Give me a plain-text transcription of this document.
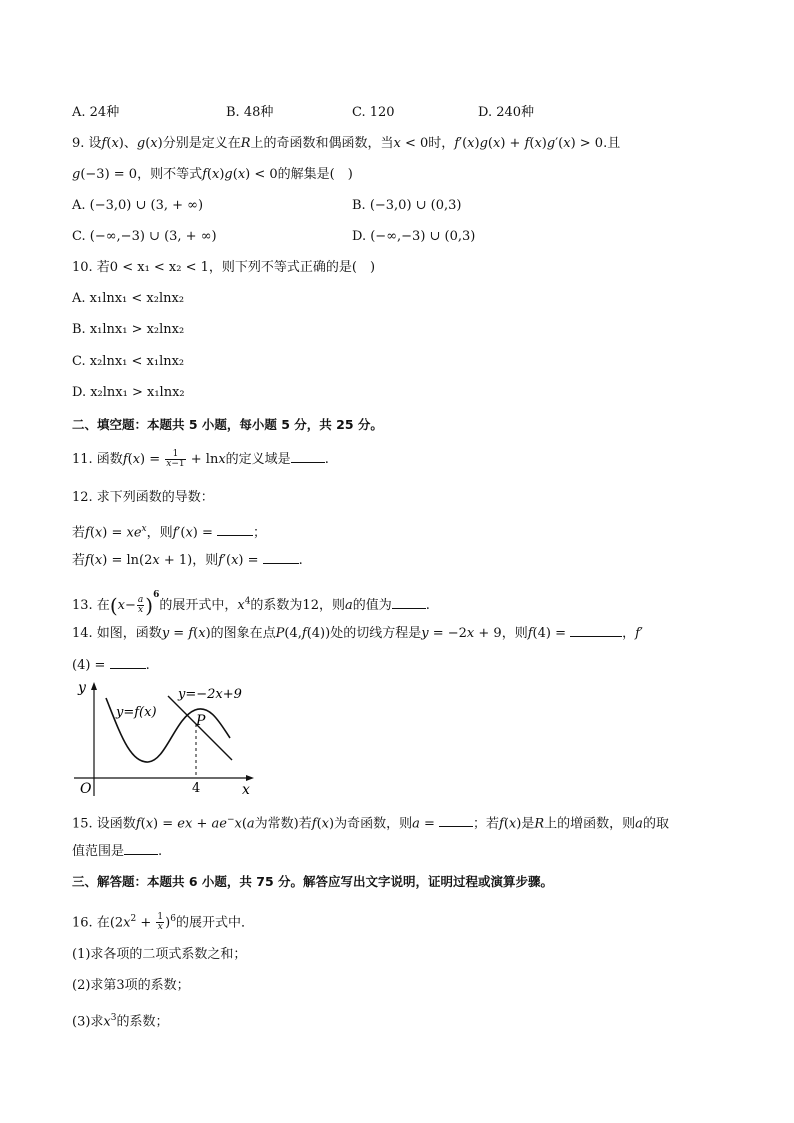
A. 24种	B. 48种	C. 120	D. 240种
9. 设f(x)、g(x)分别是定义在R上的奇函数和偶函数，当x < 0时，f′(x)g(x) + f(x)g′(x) > 0.且
g(−3) = 0，则不等式f(x)g(x) < 0的解集是(　)
A. (−3,0) ∪ (3, + ∞)	B. (−3,0) ∪ (0,3)
C. (−∞,−3) ∪ (3, + ∞)	D. (−∞,−3) ∪ (0,3)
10. 若0 < x₁ < x₂ < 1，则下列不等式正确的是(　)
A. x₁lnx₁ < x₂lnx₂
B. x₁lnx₁ > x₂lnx₂
C. x₂lnx₁ < x₁lnx₂
D. x₂lnx₁ > x₁lnx₂
二、填空题：本题共 5 小题，每小题 5 分，共 25 分。
11. 函数$f(x) = \frac{1}{x-1} + \ln x$的定义域是	.
12. 求下列函数的导数：
若$f(x) = xe^x$，则f′(x) =	；
若f(x) = ln(2x + 1)，则f′(x) =	.
13. 在$(x- \frac{a}{x} )^6$的展开式中，$x^4$的系数为12，则a的值为	.
14. 如图，函数y = f(x)的图象在点P(4,f(4))处的切线方程是y = −2x + 9，则f(4) =	，f′
(4) =	.
y
y=f(x)
y=−2x+9
P
O	4	x
15. 设函数f(x) = ex + ae−x(a为常数)若f(x)为奇函数，则a =	；若f(x)是R上的增函数，则a的取
值范围是	.
三、解答题：本题共 6 小题，共 75 分。解答应写出文字说明，证明过程或演算步骤。
16. 在$(2x^2 + \frac{1}{x} )^6$的展开式中．
(1)求各项的二项式系数之和；
(2)求第3项的系数；
(3)求$x^3$的系数；
